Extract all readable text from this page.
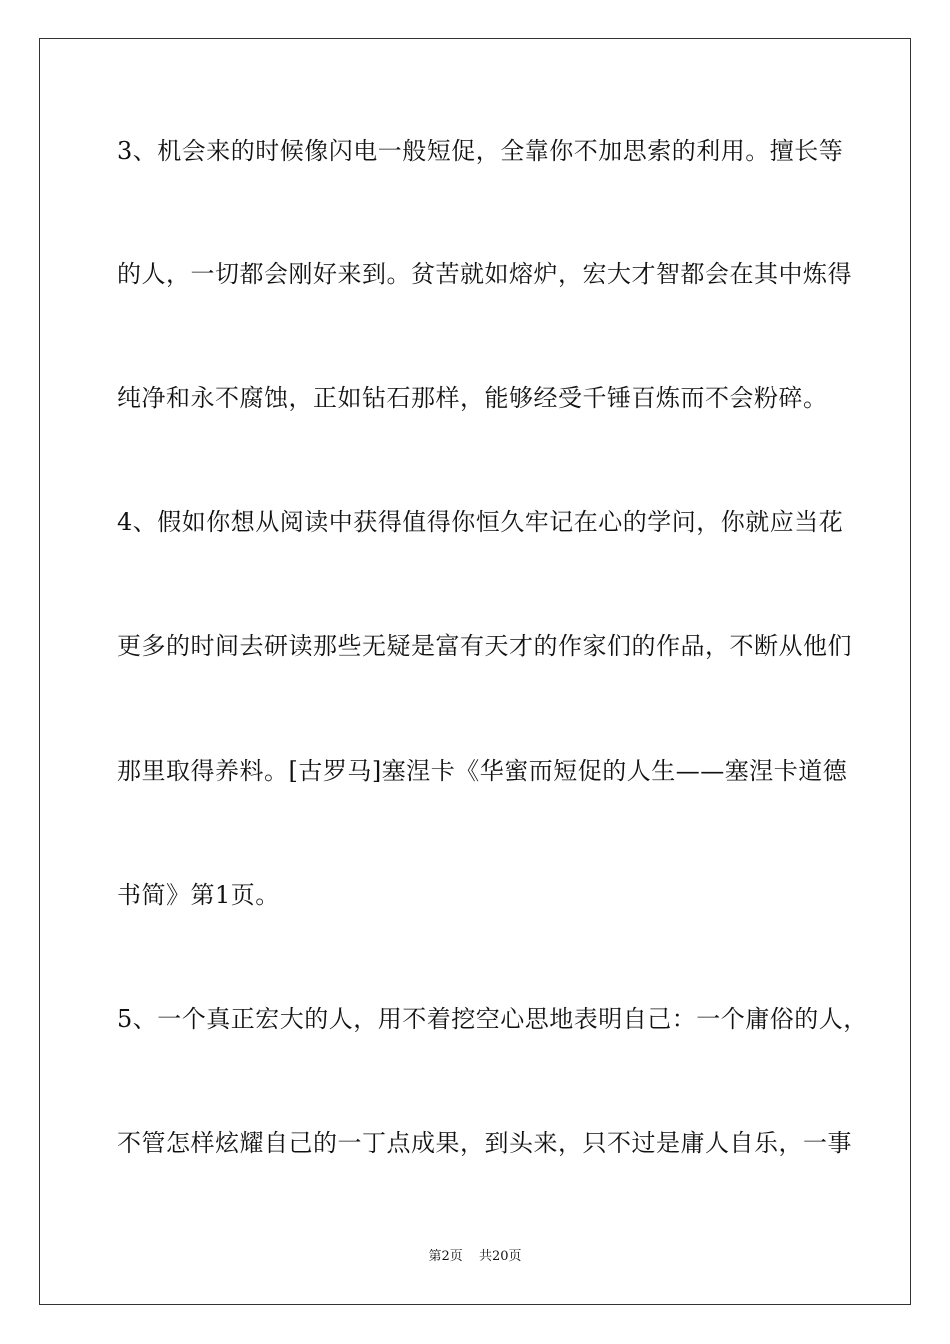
3、机会来的时候像闪电一般短促，全靠你不加思索的利用。擅长等
的人，一切都会刚好来到。贫苦就如熔炉，宏大才智都会在其中炼得
纯净和永不腐蚀，正如钻石那样，能够经受千锤百炼而不会粉碎。
4、假如你想从阅读中获得值得你恒久牢记在心的学问，你就应当花
更多的时间去研读那些无疑是富有天才的作家们的作品，不断从他们
那里取得养料。[古罗马]塞涅卡《华蜜而短促的人生——塞涅卡道德
书简》第1页。
5、一个真正宏大的人，用不着挖空心思地表明自己：一个庸俗的人，
不管怎样炫耀自己的一丁点成果，到头来，只不过是庸人自乐，一事
第2页 共20页
